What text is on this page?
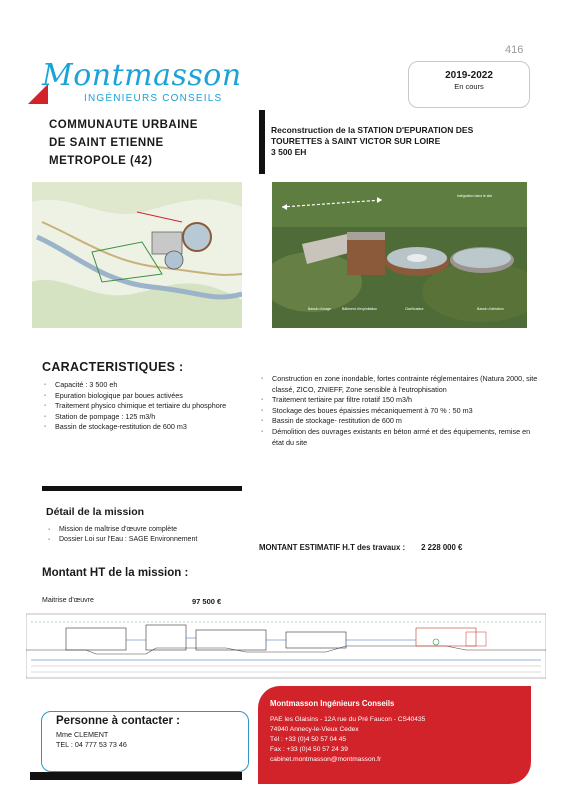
416
Montmasson
INGÉNIEURS CONSEILS
2019-2022
En cours
COMMUNAUTE URBAINE
DE SAINT ETIENNE
METROPOLE (42)
Reconstruction de la STATION D'EPURATION DES
TOURETTES à SAINT VICTOR SUR LOIRE
3 500 EH
Bassin d'orage	Bâtiment d'exploitation	Clarificateur	Bassin d'aération
Intégration dans le site
CARACTERISTIQUES :
▪ Capacité : 3 500 eh
▪ Epuration biologique par boues activées
▪ Traitement physico chimique et tertiaire du phosphore
▪ Station de pompage : 125 m3/h
▪ Bassin de stockage-restitution de 600 m3
▪ Construction en zone inondable, fortes contrainte réglementaires (Natura 2000, site classé, ZICO, ZNIEFF, Zone sensible à l'eutrophisation
▪ Traitement tertiaire par filtre rotatif 150 m3/h
▪ Stockage des boues épaissies mécaniquement à 70 % : 50 m3
▪ Bassin de stockage- restitution de 600 m
▪ Démolition des ouvrages existants en béton armé et des équipements, remise en état du site
Détail de la mission
▪ Mission de maîtrise d'œuvre complète
▪ Dossier Loi sur l'Eau : SAGE Environnement
MONTANT ESTIMATIF H.T des travaux : 2 228 000 €
Montant HT de la mission :
Maitrise d'œuvre	97 500 €
Personne à contacter :
Mme CLEMENT
TEL : 04 777 53 73 46
Montmasson Ingénieurs Conseils
PAE les Glaisins - 12A rue du Pré Faucon - CS40435
74940 Annecy-le-Vieux Cedex
Tél : +33 (0)4 50 57 04 45
Fax : +33 (0)4 50 57 24 39
cabinet.montmasson@montmasson.fr
